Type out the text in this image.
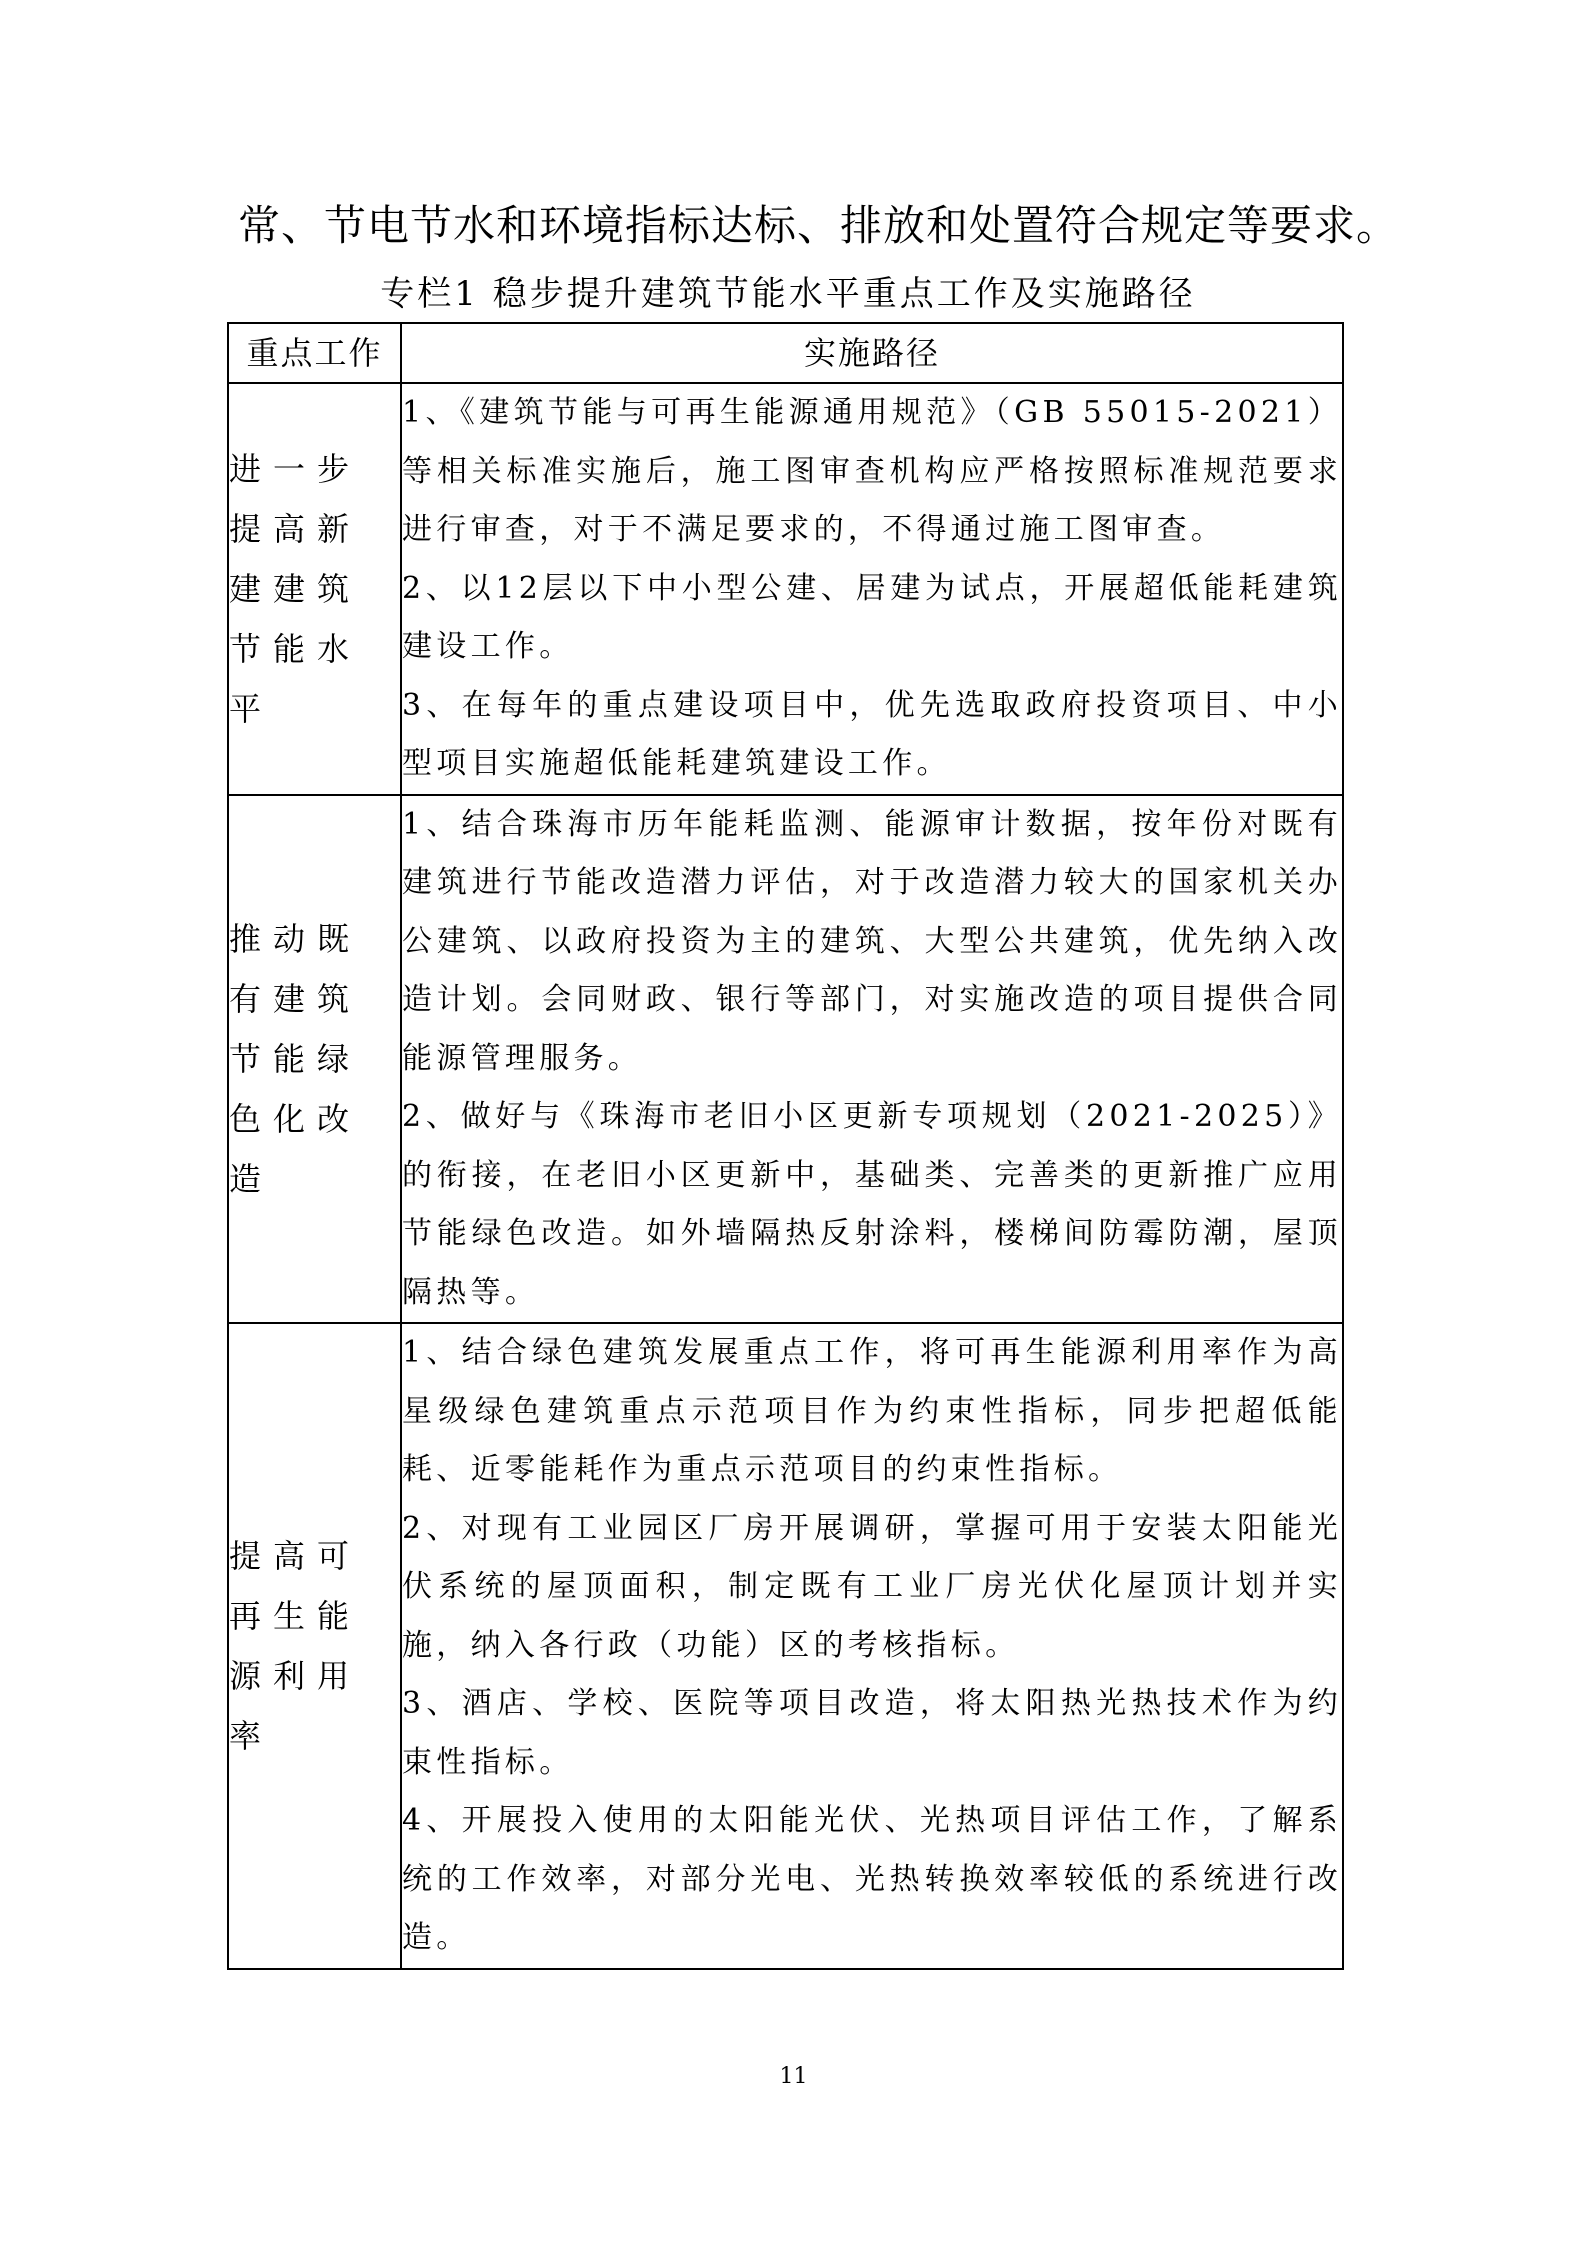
常、节电节水和环境指标达标、排放和处置符合规定等要求。
专栏1 稳步提升建筑节能水平重点工作及实施路径
重点工作	实施路径
进一步提高新建建筑节能水平	1、《建筑节能与可再生能源通用规范》（GB 55015-2021）等相关标准实施后，施工图审查机构应严格按照标准规范要求进行审查，对于不满足要求的，不得通过施工图审查。

2、以12层以下中小型公建、居建为试点，开展超低能耗建筑建设工作。

3、在每年的重点建设项目中，优先选取政府投资项目、中小型项目实施超低能耗建筑建设工作。

推动既有建筑节能绿色化改造	1、结合珠海市历年能耗监测、能源审计数据，按年份对既有建筑进行节能改造潜力评估，对于改造潜力较大的国家机关办公建筑、以政府投资为主的建筑、大型公共建筑，优先纳入改造计划。会同财政、银行等部门，对实施改造的项目提供合同能源管理服务。

2、做好与《珠海市老旧小区更新专项规划（2021-2025）》的衔接，在老旧小区更新中，基础类、完善类的更新推广应用节能绿色改造。如外墙隔热反射涂料，楼梯间防霉防潮，屋顶隔热等。

提高可再生能源利用率	1、结合绿色建筑发展重点工作，将可再生能源利用率作为高星级绿色建筑重点示范项目作为约束性指标，同步把超低能耗、近零能耗作为重点示范项目的约束性指标。

2、对现有工业园区厂房开展调研，掌握可用于安装太阳能光伏系统的屋顶面积，制定既有工业厂房光伏化屋顶计划并实施，纳入各行政（功能）区的考核指标。

3、酒店、学校、医院等项目改造，将太阳热光热技术作为约束性指标。

4、开展投入使用的太阳能光伏、光热项目评估工作，了解系统的工作效率，对部分光电、光热转换效率较低的系统进行改造。

11
